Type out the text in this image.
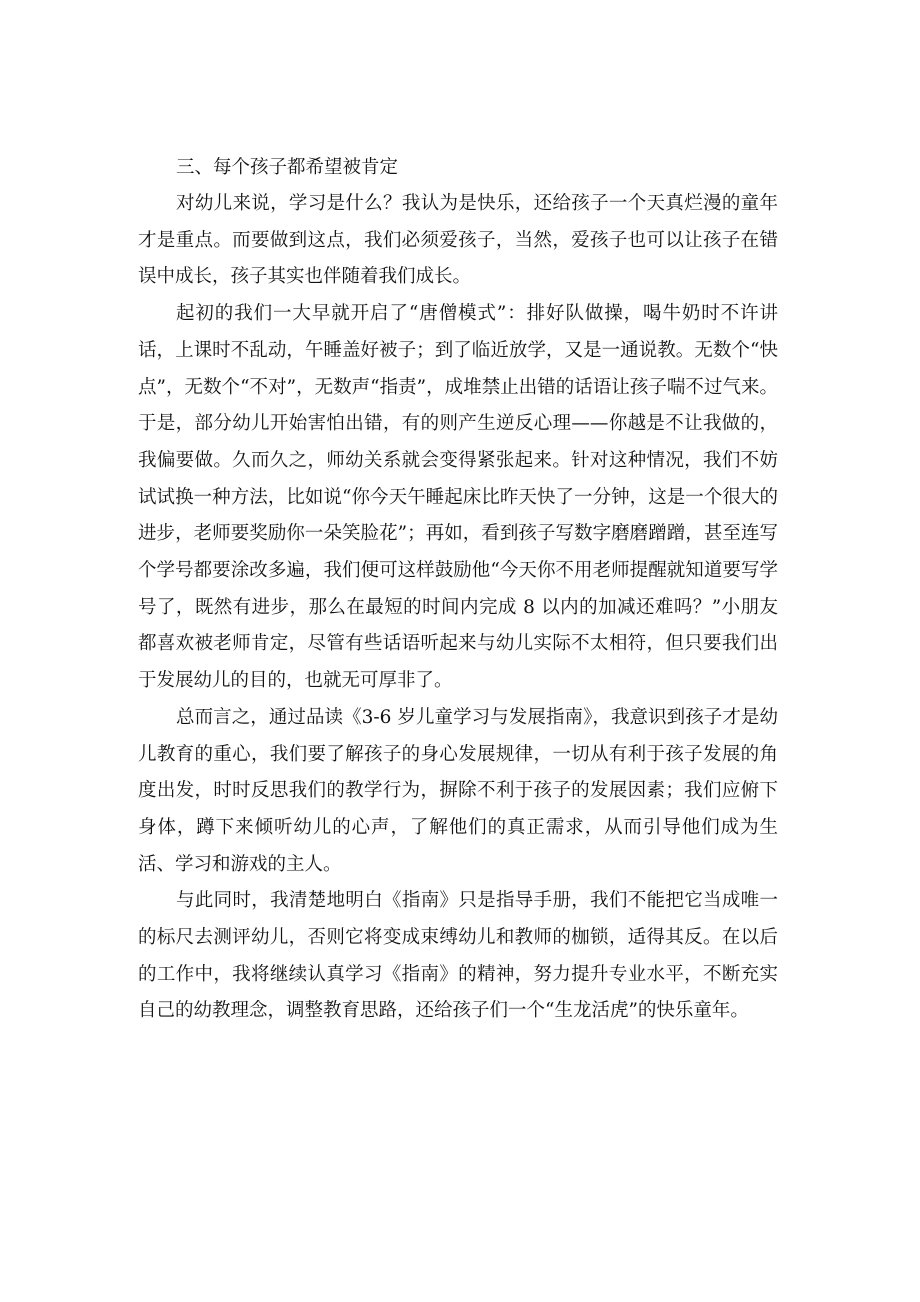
三、每个孩子都希望被肯定

对幼儿来说，学习是什么？我认为是快乐，还给孩子一个天真烂漫的童年才是重点。而要做到这点，我们必须爱孩子，当然，爱孩子也可以让孩子在错误中成长，孩子其实也伴随着我们成长。

起初的我们一大早就开启了“唐僧模式”：排好队做操，喝牛奶时不许讲话，上课时不乱动，午睡盖好被子；到了临近放学，又是一通说教。无数个“快点”，无数个“不对”，无数声“指责”，成堆禁止出错的话语让孩子喘不过气来。于是，部分幼儿开始害怕出错，有的则产生逆反心理——你越是不让我做的，我偏要做。久而久之，师幼关系就会变得紧张起来。针对这种情况，我们不妨试试换一种方法，比如说“你今天午睡起床比昨天快了一分钟，这是一个很大的进步，老师要奖励你一朵笑脸花”；再如，看到孩子写数字磨磨蹭蹭，甚至连写个学号都要涂改多遍，我们便可这样鼓励他“今天你不用老师提醒就知道要写学号了，既然有进步，那么在最短的时间内完成 8 以内的加减还难吗？”小朋友都喜欢被老师肯定，尽管有些话语听起来与幼儿实际不太相符，但只要我们出于发展幼儿的目的，也就无可厚非了。

总而言之，通过品读《3-6 岁儿童学习与发展指南》，我意识到孩子才是幼儿教育的重心，我们要了解孩子的身心发展规律，一切从有利于孩子发展的角度出发，时时反思我们的教学行为，摒除不利于孩子的发展因素；我们应俯下身体，蹲下来倾听幼儿的心声，了解他们的真正需求，从而引导他们成为生活、学习和游戏的主人。

与此同时，我清楚地明白《指南》只是指导手册，我们不能把它当成唯一的标尺去测评幼儿，否则它将变成束缚幼儿和教师的枷锁，适得其反。在以后的工作中，我将继续认真学习《指南》的精神，努力提升专业水平，不断充实自己的幼教理念，调整教育思路，还给孩子们一个“生龙活虎”的快乐童年。
